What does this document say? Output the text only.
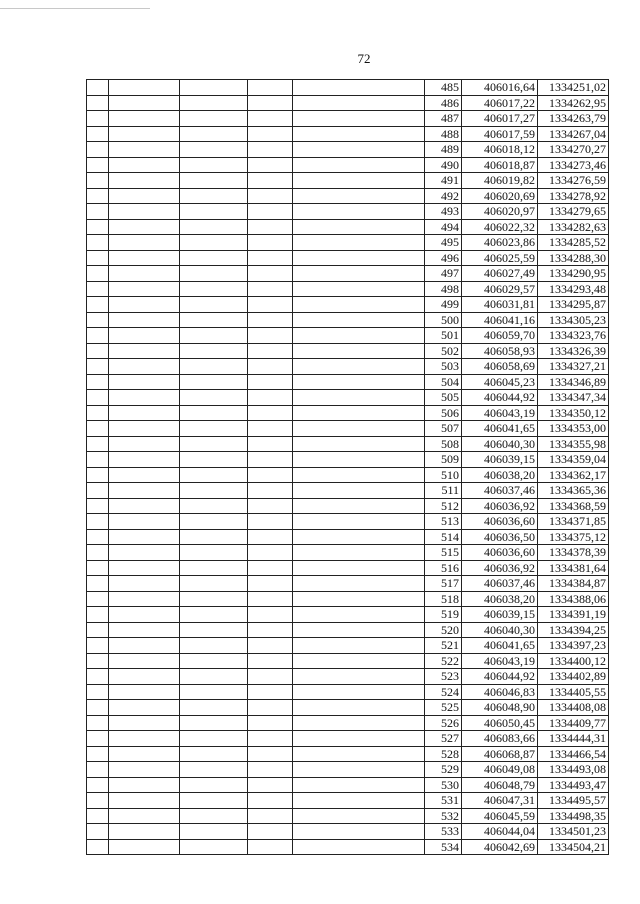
72
					485	406016,64	1334251,02
					486	406017,22	1334262,95
					487	406017,27	1334263,79
					488	406017,59	1334267,04
					489	406018,12	1334270,27
					490	406018,87	1334273,46
					491	406019,82	1334276,59
					492	406020,69	1334278,92
					493	406020,97	1334279,65
					494	406022,32	1334282,63
					495	406023,86	1334285,52
					496	406025,59	1334288,30
					497	406027,49	1334290,95
					498	406029,57	1334293,48
					499	406031,81	1334295,87
					500	406041,16	1334305,23
					501	406059,70	1334323,76
					502	406058,93	1334326,39
					503	406058,69	1334327,21
					504	406045,23	1334346,89
					505	406044,92	1334347,34
					506	406043,19	1334350,12
					507	406041,65	1334353,00
					508	406040,30	1334355,98
					509	406039,15	1334359,04
					510	406038,20	1334362,17
					511	406037,46	1334365,36
					512	406036,92	1334368,59
					513	406036,60	1334371,85
					514	406036,50	1334375,12
					515	406036,60	1334378,39
					516	406036,92	1334381,64
					517	406037,46	1334384,87
					518	406038,20	1334388,06
					519	406039,15	1334391,19
					520	406040,30	1334394,25
					521	406041,65	1334397,23
					522	406043,19	1334400,12
					523	406044,92	1334402,89
					524	406046,83	1334405,55
					525	406048,90	1334408,08
					526	406050,45	1334409,77
					527	406083,66	1334444,31
					528	406068,87	1334466,54
					529	406049,08	1334493,08
					530	406048,79	1334493,47
					531	406047,31	1334495,57
					532	406045,59	1334498,35
					533	406044,04	1334501,23
					534	406042,69	1334504,21
